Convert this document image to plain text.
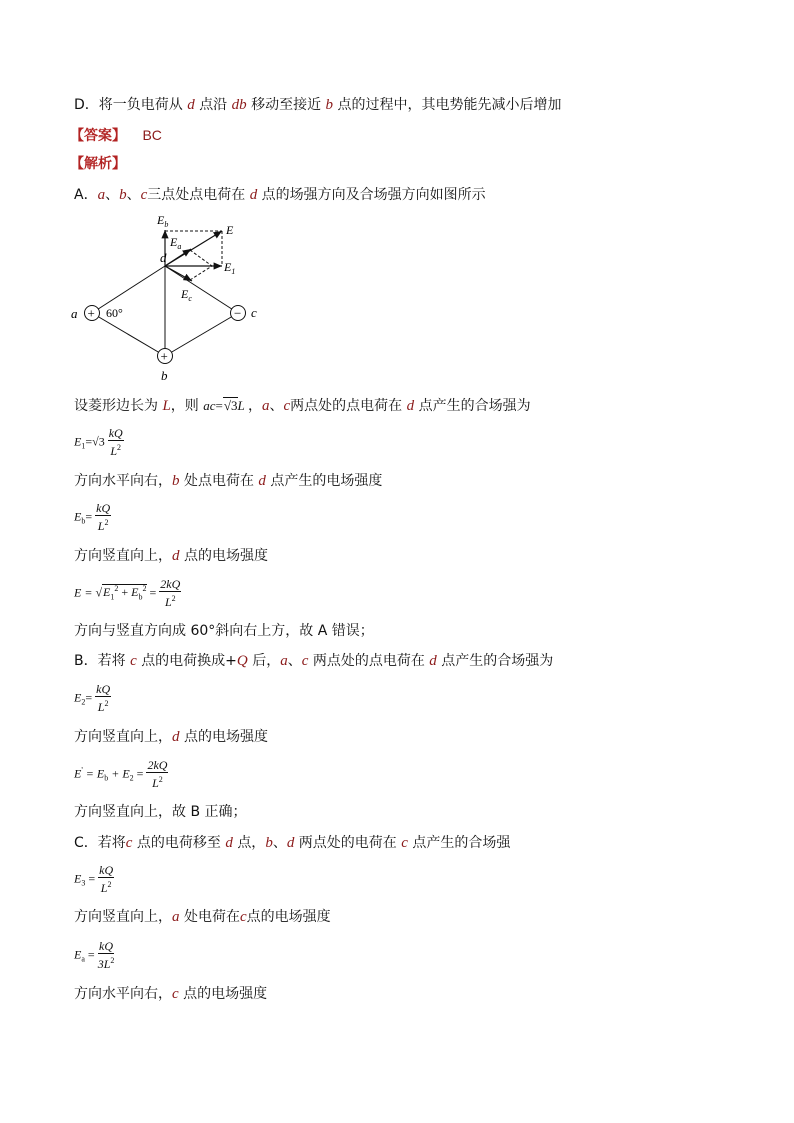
D．将一负电荷从 d 点沿 db 移动至接近 b 点的过程中，其电势能先减小后增加
【答案】 BC
【解析】
A．a、b、c三点处点电荷在 d 点的场强方向及合场强方向如图所示
$E_b$
$E_a$
E
$E_1$
$E_c$
d
a
b
c
60°
+	−
+
设菱形边长为 L，则 ac=√3L ，a、c两点处的点电荷在 d 点产生的合场强为
$E_1=√3 \frac{kQ}{L^2}$
方向水平向右，b 处点电荷在 d 点产生的电场强度
$E_b= \frac{kQ}{L^2}$
方向竖直向上，d 点的电场强度
$E = √E_1^2 + E_b^2 = \frac{2kQ}{L^2}$
方向与竖直方向成 60°斜向右上方，故 A 错误；
B．若将 c 点的电荷换成+Q 后，a、c 两点处的点电荷在 d 点产生的合场强为
$E_2= \frac{kQ}{L^2}$
方向竖直向上，d 点的电场强度
$E' = E_b + E_2 = \frac{2kQ}{L^2}$
方向竖直向上，故 B 正确；
C．若将c 点的电荷移至 d 点，b、d 两点处的电荷在 c 点产生的合场强
$E_3 = \frac{kQ}{L^2}$
方向竖直向上，a 处电荷在c点的电场强度
$E_a = \frac{kQ}{3L^2}$
方向水平向右，c 点的电场强度
